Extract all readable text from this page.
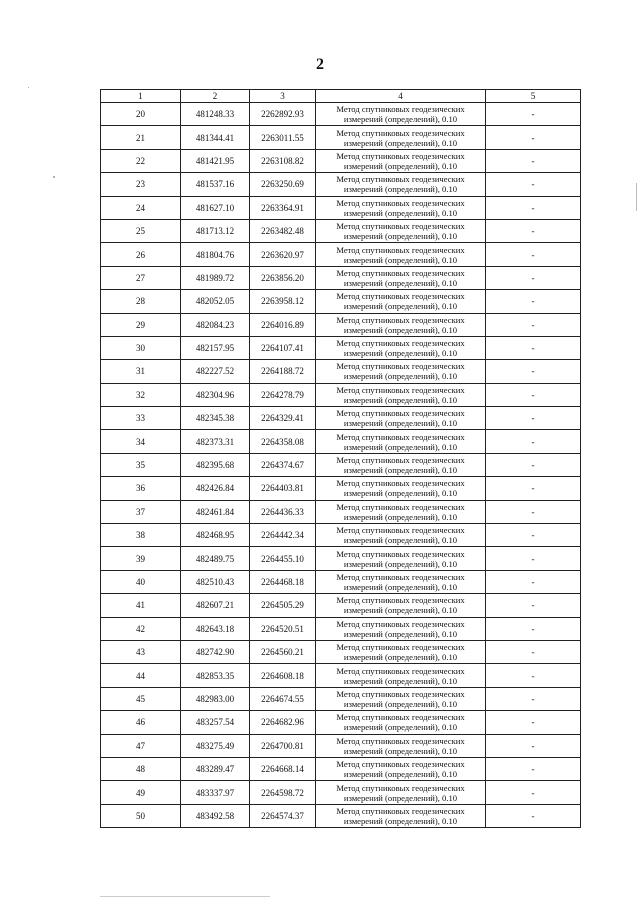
2
1	2	3	4	5
20	481248.33	2262892.93	Метод спутниковых геодезических измерений (определений), 0.10	-
21	481344.41	2263011.55	Метод спутниковых геодезических измерений (определений), 0.10	-
22	481421.95	2263108.82	Метод спутниковых геодезических измерений (определений), 0.10	-
23	481537.16	2263250.69	Метод спутниковых геодезических измерений (определений), 0.10	-
24	481627.10	2263364.91	Метод спутниковых геодезических измерений (определений), 0.10	-
25	481713.12	2263482.48	Метод спутниковых геодезических измерений (определений), 0.10	-
26	481804.76	2263620.97	Метод спутниковых геодезических измерений (определений), 0.10	-
27	481989.72	2263856.20	Метод спутниковых геодезических измерений (определений), 0.10	-
28	482052.05	2263958.12	Метод спутниковых геодезических измерений (определений), 0.10	-
29	482084.23	2264016.89	Метод спутниковых геодезических измерений (определений), 0.10	-
30	482157.95	2264107.41	Метод спутниковых геодезических измерений (определений), 0.10	-
31	482227.52	2264188.72	Метод спутниковых геодезических измерений (определений), 0.10	-
32	482304.96	2264278.79	Метод спутниковых геодезических измерений (определений), 0.10	-
33	482345.38	2264329.41	Метод спутниковых геодезических измерений (определений), 0.10	-
34	482373.31	2264358.08	Метод спутниковых геодезических измерений (определений), 0.10	-
35	482395.68	2264374.67	Метод спутниковых геодезических измерений (определений), 0.10	-
36	482426.84	2264403.81	Метод спутниковых геодезических измерений (определений), 0.10	-
37	482461.84	2264436.33	Метод спутниковых геодезических измерений (определений), 0.10	-
38	482468.95	2264442.34	Метод спутниковых геодезических измерений (определений), 0.10	-
39	482489.75	2264455.10	Метод спутниковых геодезических измерений (определений), 0.10	-
40	482510.43	2264468.18	Метод спутниковых геодезических измерений (определений), 0.10	-
41	482607.21	2264505.29	Метод спутниковых геодезических измерений (определений), 0.10	-
42	482643.18	2264520.51	Метод спутниковых геодезических измерений (определений), 0.10	-
43	482742.90	2264560.21	Метод спутниковых геодезических измерений (определений), 0.10	-
44	482853.35	2264608.18	Метод спутниковых геодезических измерений (определений), 0.10	-
45	482983.00	2264674.55	Метод спутниковых геодезических измерений (определений), 0.10	-
46	483257.54	2264682.96	Метод спутниковых геодезических измерений (определений), 0.10	-
47	483275.49	2264700.81	Метод спутниковых геодезических измерений (определений), 0.10	-
48	483289.47	2264668.14	Метод спутниковых геодезических измерений (определений), 0.10	-
49	483337.97	2264598.72	Метод спутниковых геодезических измерений (определений), 0.10	-
50	483492.58	2264574.37	Метод спутниковых геодезических измерений (определений), 0.10	-
